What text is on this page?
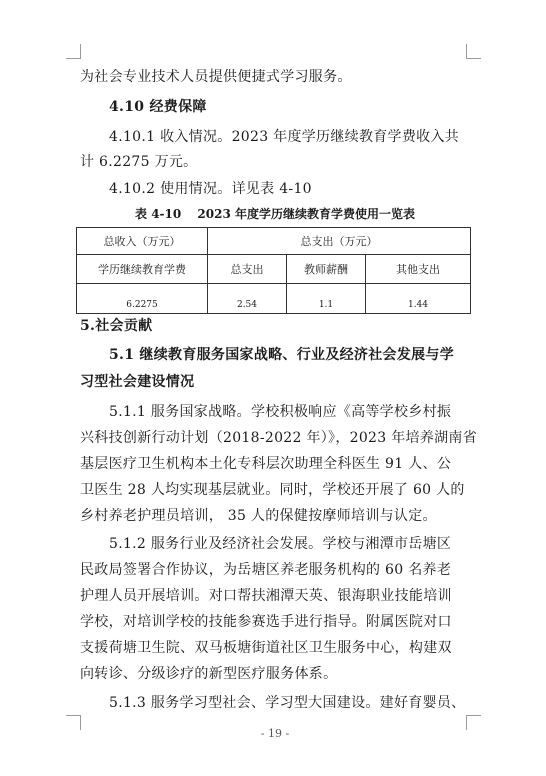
为社会专业技术人员提供便捷式学习服务。
4.10 经费保障
4.10.1 收入情况。2023 年度学历继续教育学费收入共
计 6.2275 万元。
4.10.2 使用情况。详见表 4-10
表 4-10　 2023 年度学历继续教育学费使用一览表
总收入（万元）	总支出（万元）		
学历继续教育学费	总支出	教师薪酬	其他支出
6.2275	2.54	1.1	1.44
5.社会贡献
5.1 继续教育服务国家战略、行业及经济社会发展与学
习型社会建设情况
5.1.1 服务国家战略。学校积极响应《高等学校乡村振
兴科技创新行动计划（2018-2022 年）》，2023 年培养湖南省
基层医疗卫生机构本土化专科层次助理全科医生 91 人、公
卫医生 28 人均实现基层就业。同时，学校还开展了 60 人的
乡村养老护理员培训， 35 人的保健按摩师培训与认定。
5.1.2 服务行业及经济社会发展。学校与湘潭市岳塘区
民政局签署合作协议，为岳塘区养老服务机构的 60 名养老
护理人员开展培训。对口帮扶湘潭天英、银海职业技能培训
学校，对培训学校的技能参赛选手进行指导。附属医院对口
支援荷塘卫生院、双马板塘街道社区卫生服务中心，构建双
向转诊、分级诊疗的新型医疗服务体系。
5.1.3 服务学习型社会、学习型大国建设。建好育婴员、
- 19 -
